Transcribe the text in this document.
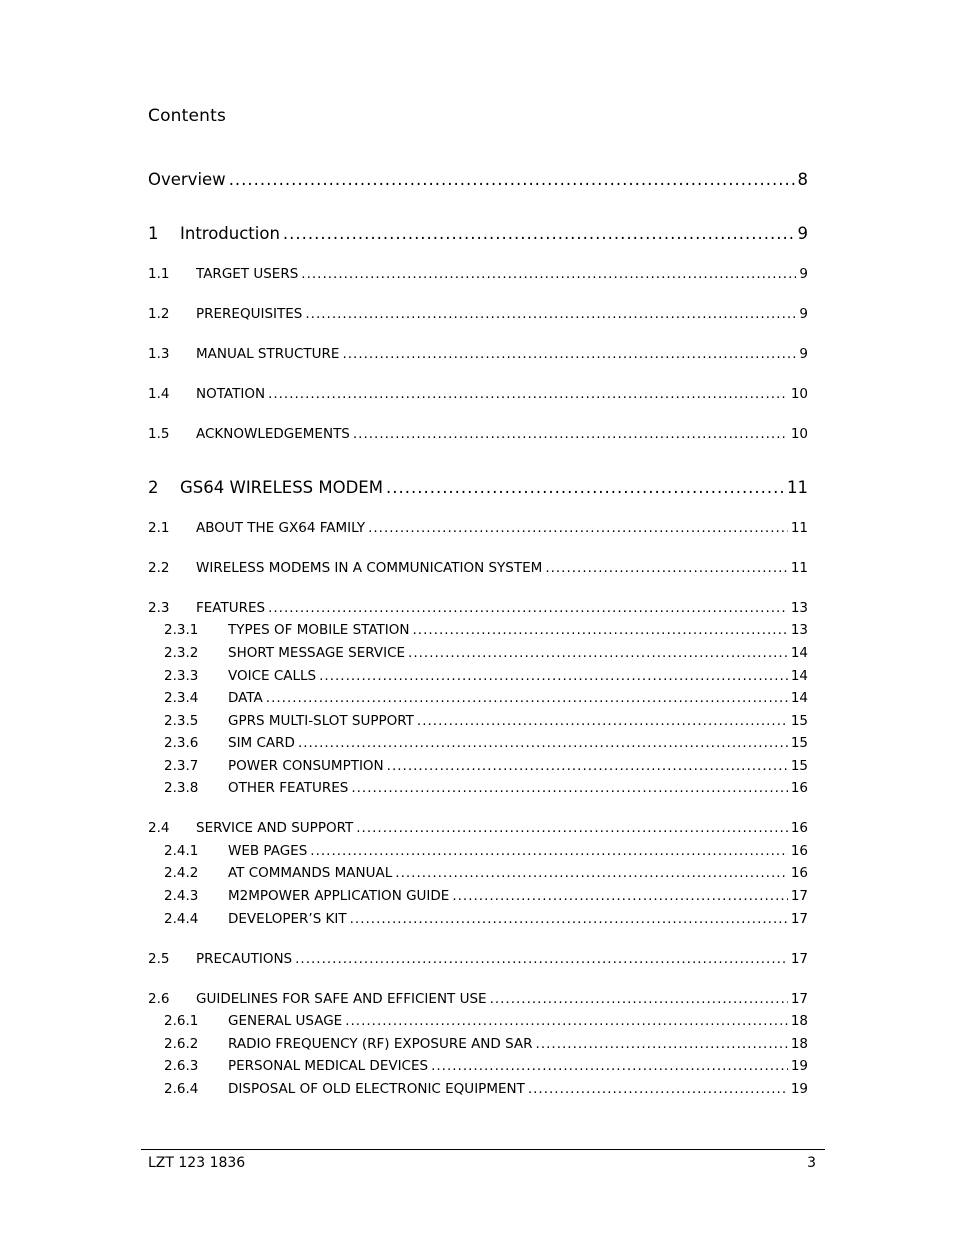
Contents
Overview .....	8
1	Introduction .....	9
1.1	TARGET USERS .....	9
1.2	PREREQUISITES .....	9
1.3	MANUAL STRUCTURE .....	9
1.4	NOTATION .....	10
1.5	ACKNOWLEDGEMENTS .....	10
2	GS64 WIRELESS MODEM .....	11
2.1	ABOUT THE GX64 FAMILY .....	11
2.2	WIRELESS MODEMS IN A COMMUNICATION SYSTEM .....	11
2.3	FEATURES .....	13
2.3.1	TYPES OF MOBILE STATION .....	13
2.3.2	SHORT MESSAGE SERVICE .....	14
2.3.3	VOICE CALLS .....	14
2.3.4	DATA .....	14
2.3.5	GPRS MULTI-SLOT SUPPORT .....	15
2.3.6	SIM CARD .....	15
2.3.7	POWER CONSUMPTION .....	15
2.3.8	OTHER FEATURES .....	16
2.4	SERVICE AND SUPPORT .....	16
2.4.1	WEB PAGES .....	16
2.4.2	AT COMMANDS MANUAL .....	16
2.4.3	M2MPOWER APPLICATION GUIDE .....	17
2.4.4	DEVELOPER’S KIT .....	17
2.5	PRECAUTIONS .....	17
2.6	GUIDELINES FOR SAFE AND EFFICIENT USE .....	17
2.6.1	GENERAL USAGE .....	18
2.6.2	RADIO FREQUENCY (RF) EXPOSURE AND SAR .....	18
2.6.3	PERSONAL MEDICAL DEVICES .....	19
2.6.4	DISPOSAL OF OLD ELECTRONIC EQUIPMENT .....	19
LZT 123 1836	3
